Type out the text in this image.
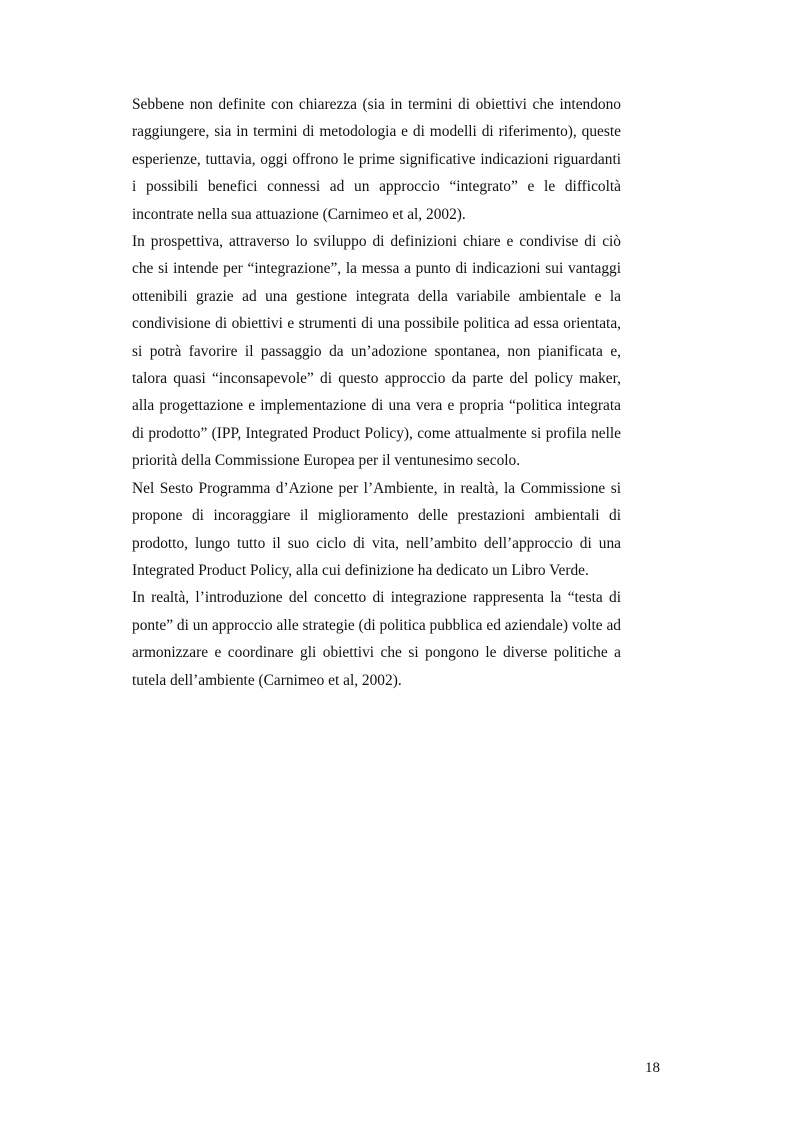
Sebbene non definite con chiarezza (sia in termini di obiettivi che intendono raggiungere, sia in termini di metodologia e di modelli di riferimento), queste esperienze, tuttavia, oggi offrono le prime significative indicazioni riguardanti i possibili benefici connessi ad un approccio “integrato” e le difficoltà incontrate nella sua attuazione (Carnimeo et al, 2002).

In prospettiva, attraverso lo sviluppo di definizioni chiare e condivise di ciò che si intende per “integrazione”, la messa a punto di indicazioni sui vantaggi ottenibili grazie ad una gestione integrata della variabile ambientale e la condivisione di obiettivi e strumenti di una possibile politica ad essa orientata, si potrà favorire il passaggio da un’adozione spontanea, non pianificata e, talora quasi “inconsapevole” di questo approccio da parte del policy maker, alla progettazione e implementazione di una vera e propria “politica integrata di prodotto” (IPP, Integrated Product Policy), come attualmente si profila nelle priorità della Commissione Europea per il ventunesimo secolo.

Nel Sesto Programma d’Azione per l’Ambiente, in realtà, la Commissione si propone di incoraggiare il miglioramento delle prestazioni ambientali di prodotto, lungo tutto il suo ciclo di vita, nell’ambito dell’approccio di una Integrated Product Policy, alla cui definizione ha dedicato un Libro Verde.

In realtà, l’introduzione del concetto di integrazione rappresenta la “testa di ponte” di un approccio alle strategie (di politica pubblica ed aziendale) volte ad armonizzare e coordinare gli obiettivi che si pongono le diverse politiche a tutela dell’ambiente (Carnimeo et al, 2002).

18
